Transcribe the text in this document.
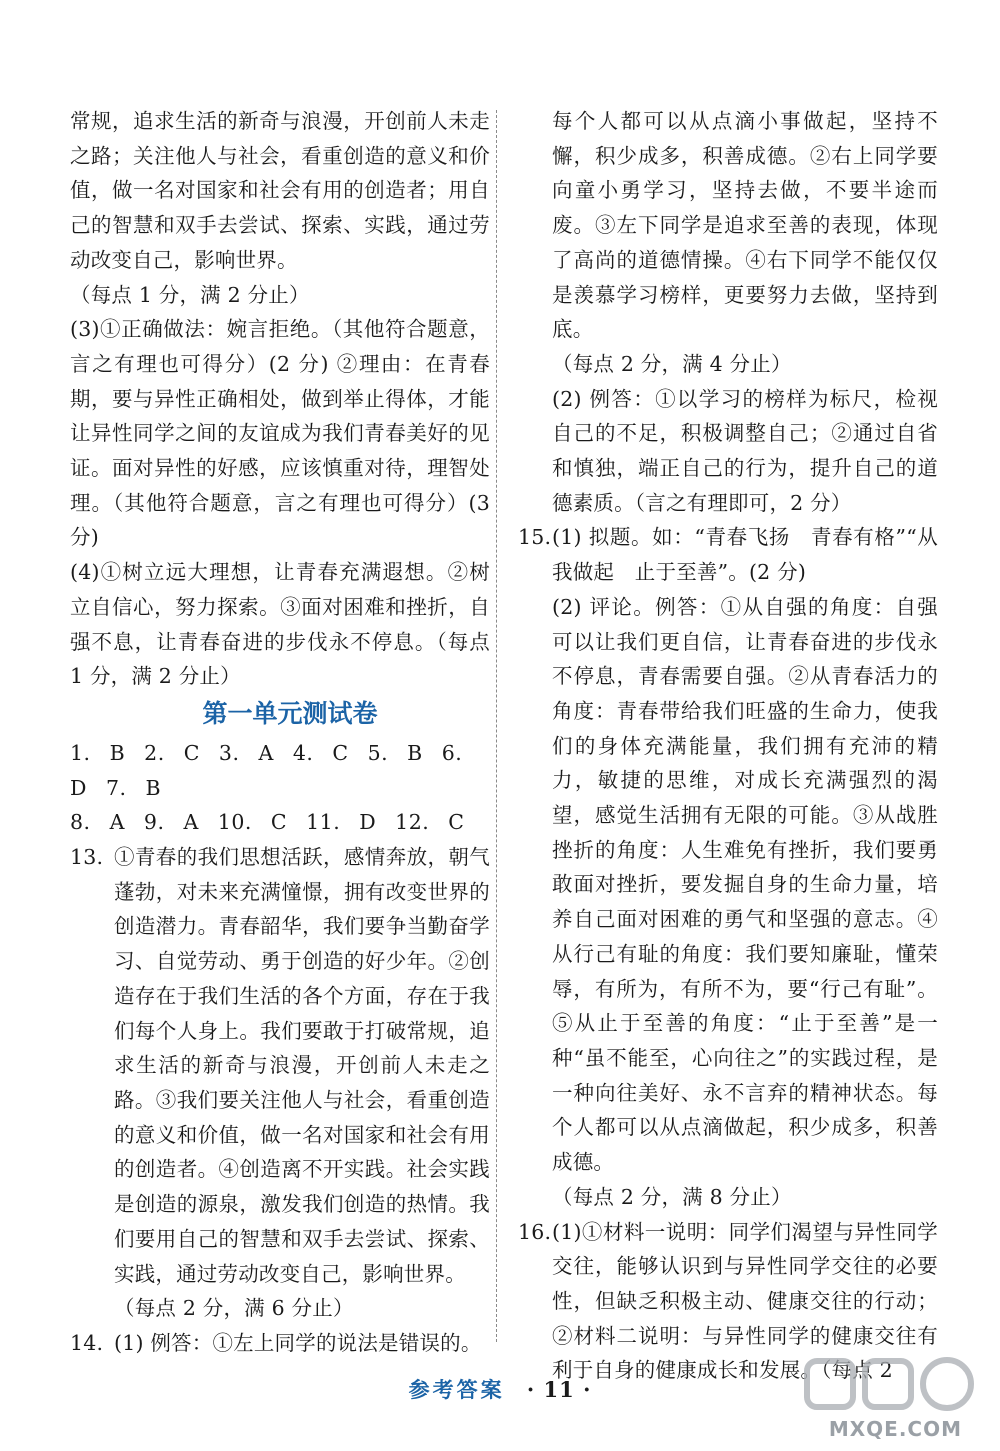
常规，追求生活的新奇与浪漫，开创前人未走之路；关注他人与社会，看重创造的意义和价值，做一名对国家和社会有用的创造者；用自己的智慧和双手去尝试、探索、实践，通过劳动改变自己，影响世界。

（每点 1 分，满 2 分止）

(3)①正确做法：婉言拒绝。（其他符合题意，言之有理也可得分）(2 分) ②理由：在青春期，要与异性正确相处，做到举止得体，才能让异性同学之间的友谊成为我们青春美好的见证。面对异性的好感，应该慎重对待，理智处理。（其他符合题意，言之有理也可得分）(3 分)

(4)①树立远大理想，让青春充满遐想。②树立自信心，努力探索。③面对困难和挫折，自强不息，让青春奋进的步伐永不停息。（每点 1 分，满 2 分止）

第一单元测试卷

1. B 2. C 3. A 4. C 5. B 6. D 7. B

8. A 9. A 10. C 11. D 12. C

13. ①青春的我们思想活跃，感情奔放，朝气蓬勃，对未来充满憧憬，拥有改变世界的创造潜力。青春韶华，我们要争当勤奋学习、自觉劳动、勇于创造的好少年。②创造存在于我们生活的各个方面，存在于我们每个人身上。我们要敢于打破常规，追求生活的新奇与浪漫，开创前人未走之路。③我们要关注他人与社会，看重创造的意义和价值，做一名对国家和社会有用的创造者。④创造离不开实践。社会实践是创造的源泉，激发我们创造的热情。我们要用自己的智慧和双手去尝试、探索、实践，通过劳动改变自己，影响世界。

（每点 2 分，满 6 分止）

14. (1) 例答：①左上同学的说法是错误的。

每个人都可以从点滴小事做起，坚持不懈，积少成多，积善成德。②右上同学要向童小勇学习，坚持去做，不要半途而废。③左下同学是追求至善的表现，体现了高尚的道德情操。④右下同学不能仅仅是羡慕学习榜样，更要努力去做，坚持到底。

（每点 2 分，满 4 分止）

(2) 例答：①以学习的榜样为标尺，检视自己的不足，积极调整自己；②通过自省和慎独，端正自己的行为，提升自己的道德素质。（言之有理即可，2 分）

15. (1) 拟题。如：“青春飞扬　青春有格”“从我做起　止于至善”。(2 分)

(2) 评论。例答：①从自强的角度：自强可以让我们更自信，让青春奋进的步伐永不停息，青春需要自强。②从青春活力的角度：青春带给我们旺盛的生命力，使我们的身体充满能量，我们拥有充沛的精力，敏捷的思维，对成长充满强烈的渴望，感觉生活拥有无限的可能。③从战胜挫折的角度：人生难免有挫折，我们要勇敢面对挫折，要发掘自身的生命力量，培养自己面对困难的勇气和坚强的意志。④从行己有耻的角度：我们要知廉耻，懂荣辱，有所为，有所不为，要“行己有耻”。⑤从止于至善的角度：“止于至善”是一种“虽不能至，心向往之”的实践过程，是一种向往美好、永不言弃的精神状态。每个人都可以从点滴做起，积少成多，积善成德。

（每点 2 分，满 8 分止）

16. (1)①材料一说明：同学们渴望与异性同学交往，能够认识到与异性同学交往的必要性，但缺乏积极主动、健康交往的行动；②材料二说明：与异性同学的健康交往有利于自身的健康成长和发展。（每点 2

参考答案 · 11 ·
MXQE.COM
